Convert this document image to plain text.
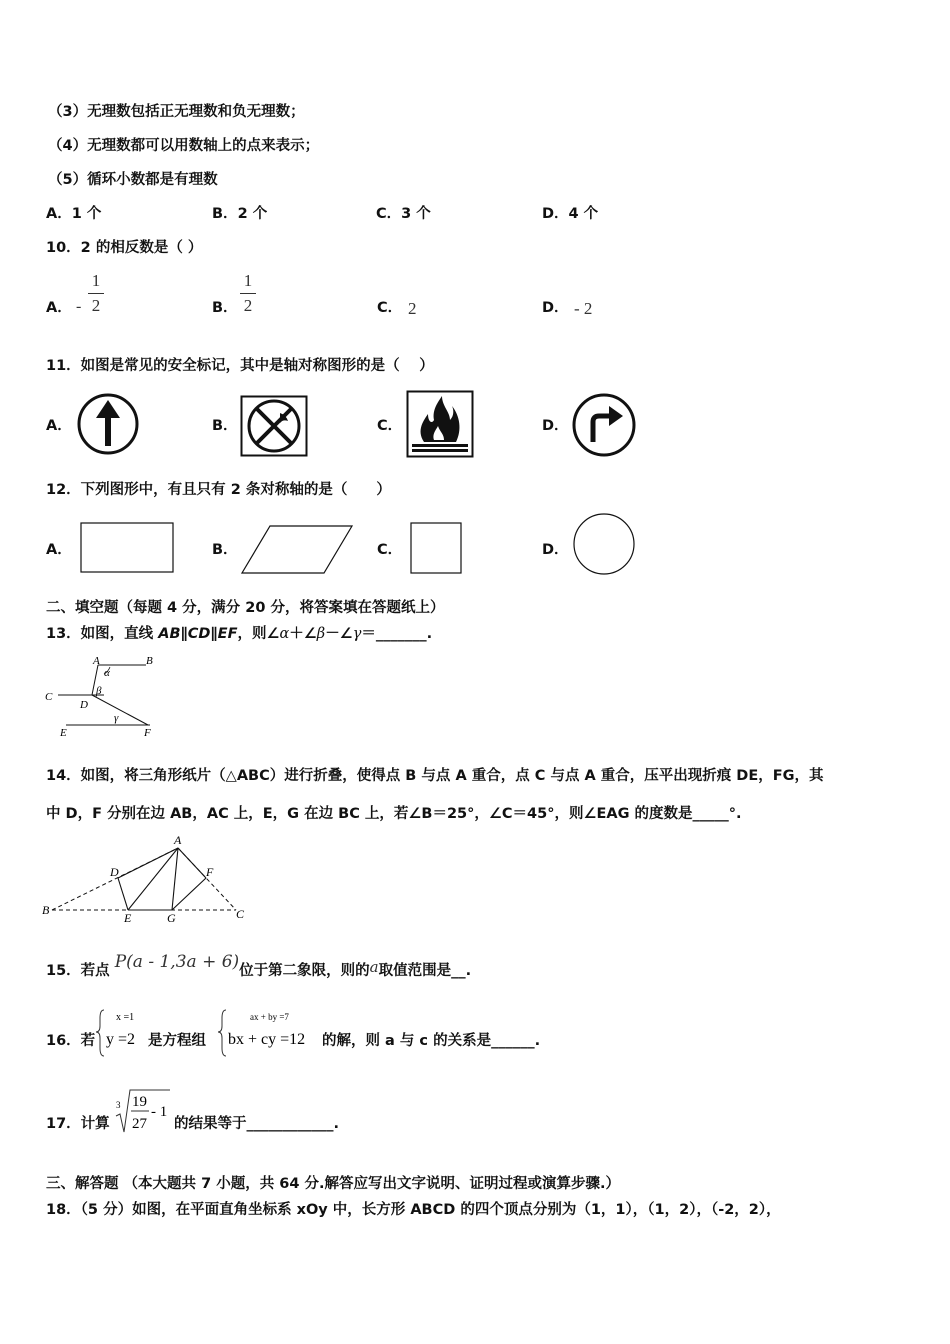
（3）无理数包括正无理数和负无理数；
（4）无理数都可以用数轴上的点来表示；
（5）循环小数都是有理数
A．1 个	B．2 个	C．3 个	D．4 个
10．2 的相反数是（ ）
A． -
1
2	B．
1
2	C． 2	D． - 2
11．如图是常见的安全标记，其中是轴对称图形的是（　 ）
A．	B．	C．	D．
12．下列图形中，有且只有 2 条对称轴的是（　　）
A．	B．	C．	D．
二、填空题（每题 4 分，满分 20 分，将答案填在答题纸上）
13．如图，直线 AB∥CD∥EF，则∠α＋∠β－∠γ＝_______.
A	B
C
D
E	F
α
β
γ
14．如图，将三角形纸片（△ABC）进行折叠，使得点 B 与点 A 重合，点 C 与点 A 重合，压平出现折痕 DE，FG，其
中 D，F 分别在边 AB，AC 上，E，G 在边 BC 上，若∠B＝25°，∠C＝45°，则∠EAG 的度数是_____°.
A
B	C
D
E
F
G
15．若点 P(a - 1,3a + 6)位于第二象限，则的a取值范围是__.
16．若
x =1
y =2 是方程组
ax + by =7
bx + cy =12 的解，则 a 与 c 的关系是______.
17．计算
3 19
27
- 1
的结果等于____________.
三、解答题 （本大题共 7 小题，共 64 分.解答应写出文字说明、证明过程或演算步骤.）
18．（5 分）如图，在平面直角坐标系 xOy 中，长方形 ABCD 的四个顶点分别为（1，1），（1，2），（-2，2），
